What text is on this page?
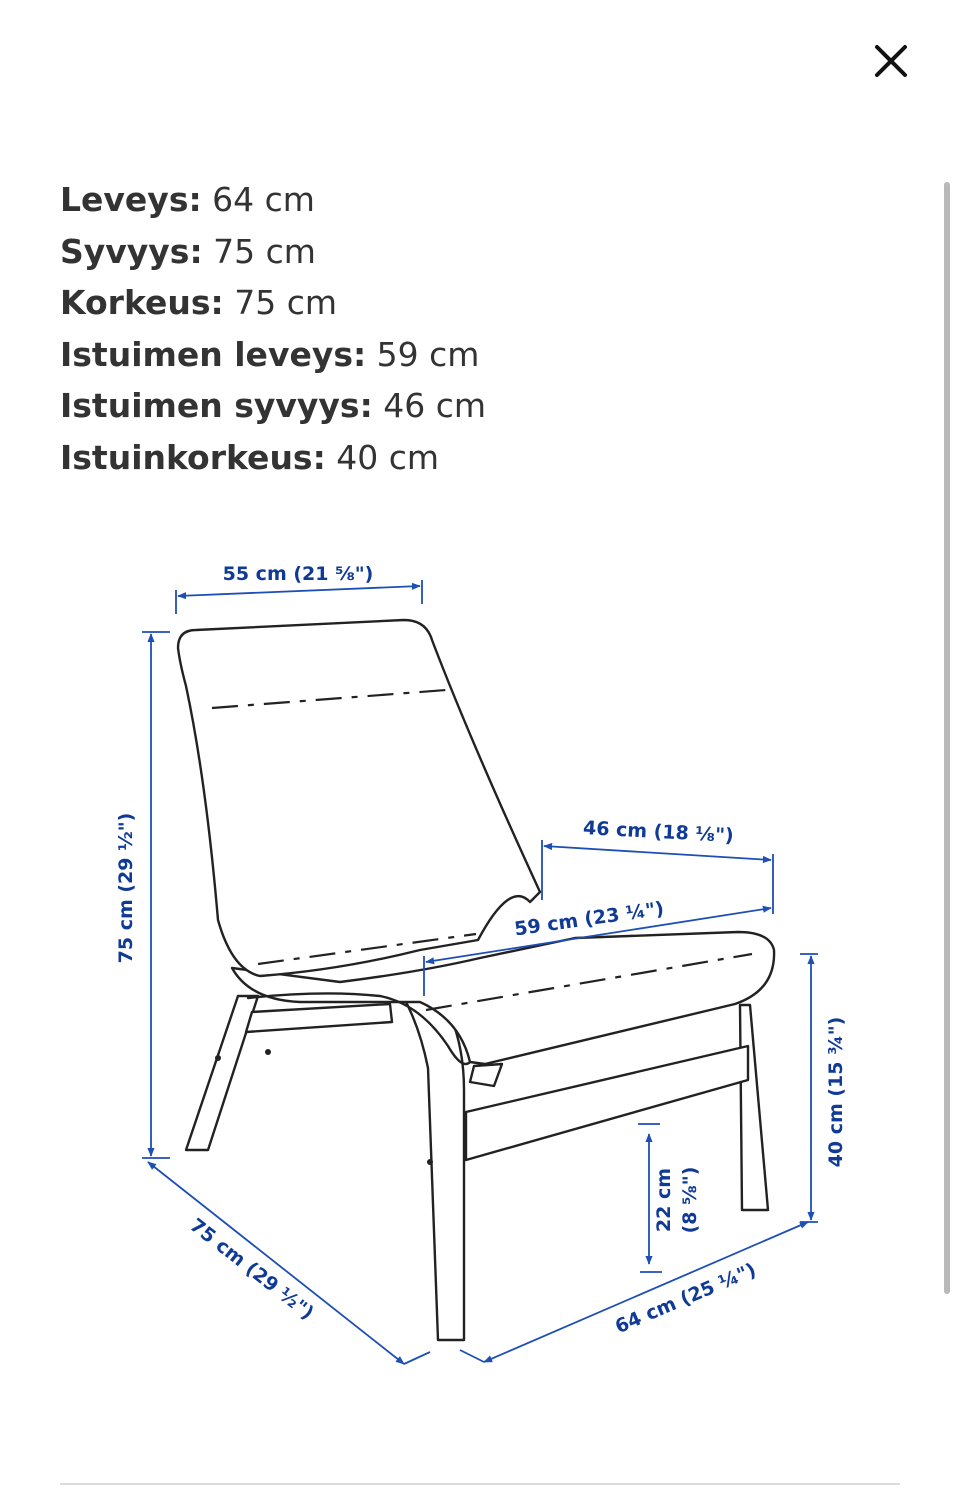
Leveys: 64 cm
Syvyys: 75 cm
Korkeus: 75 cm
Istuimen leveys: 59 cm
Istuimen syvyys: 46 cm
Istuinkorkeus: 40 cm
55 cm (21 ⅝")
75 cm (29 ½")	46 cm (18 ⅛")
59 cm (23 ¼")
40 cm (15 ¾")
22 cm (8 ⅝")
75 cm (29 ½")	64 cm (25 ¼")
